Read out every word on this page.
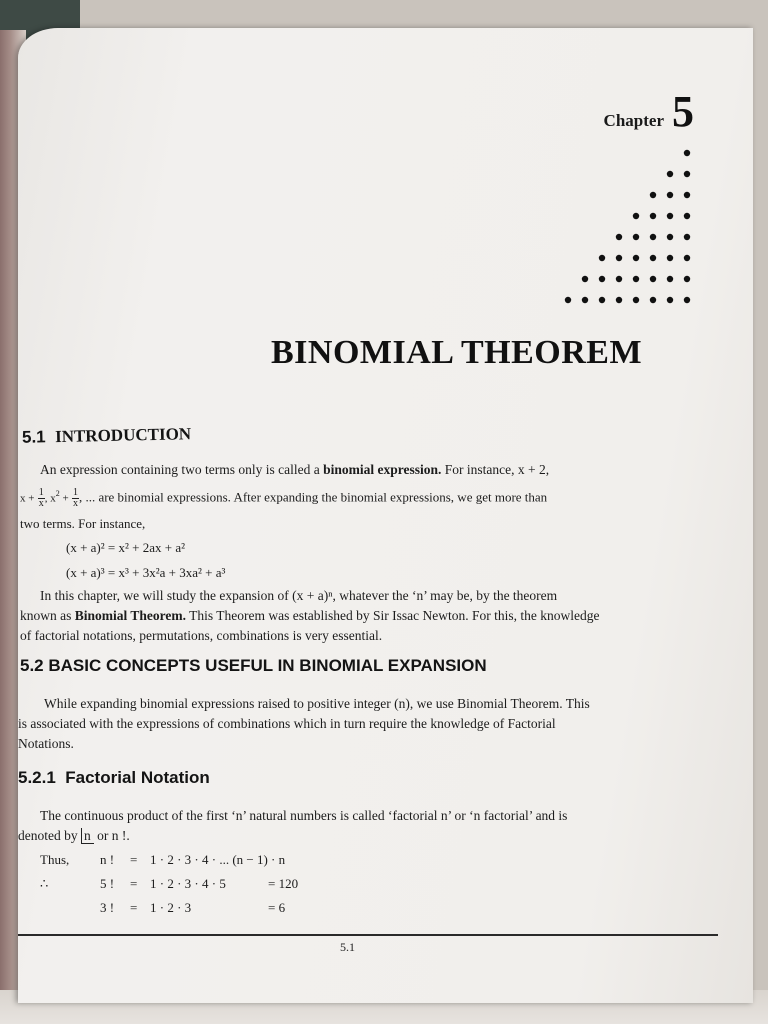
Chapter 5
BINOMIAL THEOREM
5.1 INTRODUCTION
An expression containing two terms only is called a binomial expression. For instance, x + 2,
$x + \frac{1}{x}$ , $x^2 + \frac{1}{x}$ , ... are binomial expressions. After expanding the binomial expressions, we get more than
two terms. For instance,
(x + a)² = x² + 2ax + a²
(x + a)³ = x³ + 3x²a + 3xa² + a³
In this chapter, we will study the expansion of (x + a)ⁿ, whatever the ‘n’ may be, by the theorem
known as Binomial Theorem. This Theorem was established by Sir Issac Newton. For this, the knowledge
of factorial notations, permutations, combinations is very essential.
5.2 BASIC CONCEPTS USEFUL IN BINOMIAL EXPANSION
While expanding binomial expressions raised to positive integer (n), we use Binomial Theorem. This
is associated with the expressions of combinations which in turn require the knowledge of Factorial
Notations.
5.2.1 Factorial Notation
The continuous product of the first ‘n’ natural numbers is called ‘factorial n’ or ‘n factorial’ and is
denoted by n or n !.
Thus, n ! = 1 · 2 · 3 · 4 · ... (n − 1) · n
∴	5 ! = 1 · 2 · 3 · 4 · 5	= 120
3 ! = 1 · 2 · 3	= 6
5.1
